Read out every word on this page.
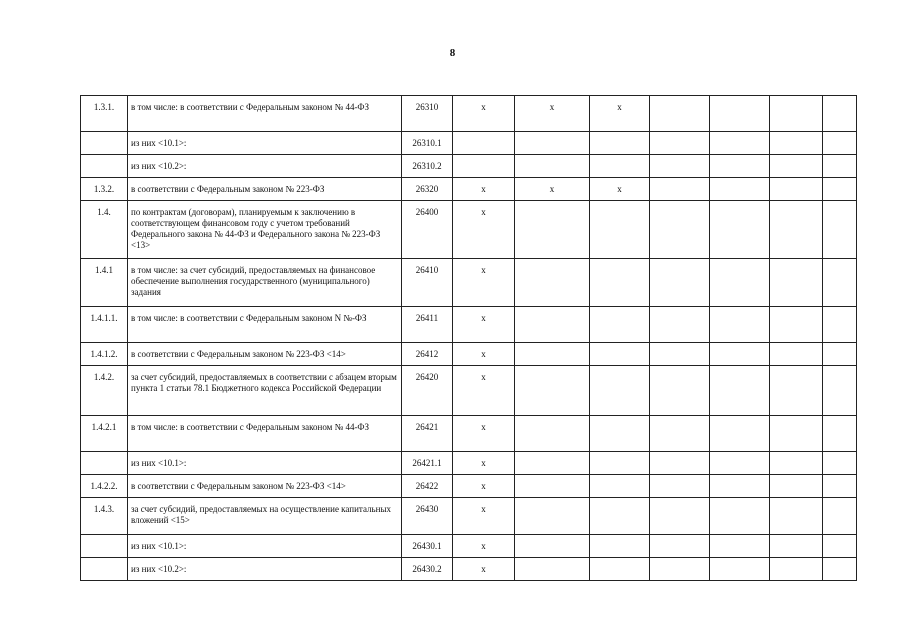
8
1.3.1.	в том числе: в соответствии с Федеральным законом № 44-ФЗ	26310	х	х	х				
	из них <10.1>:	26310.1							
	из них <10.2>:	26310.2							
1.3.2.	в соответствии с Федеральным законом № 223-ФЗ	26320	х	х	х				
1.4.	по контрактам (договорам), планируемым к заключению в соответствующем финансовом году с учетом требований Федерального закона № 44-ФЗ и Федерального закона № 223-ФЗ <13>	26400	х						
1.4.1	в том числе: за счет субсидий, предоставляемых на финансовое обеспечение выполнения государственного (муниципального) задания	26410	х						
1.4.1.1.	в том числе: в соответствии с Федеральным законом N №-ФЗ	26411	х						
1.4.1.2.	в соответствии с Федеральным законом № 223-ФЗ <14>	26412	х						
1.4.2.	за счет субсидий, предоставляемых в соответствии с абзацем вторым пункта 1 статьи 78.1 Бюджетного кодекса Российской Федерации	26420	х						
1.4.2.1	в том числе: в соответствии с Федеральным законом № 44-ФЗ	26421	х						
	из них <10.1>:	26421.1	х						
1.4.2.2.	в соответствии с Федеральным законом № 223-ФЗ <14>	26422	х						
1.4.3.	за счет субсидий, предоставляемых на осуществление капитальных вложений <15>	26430	х						
	из них <10.1>:	26430.1	х						
	из них <10.2>:	26430.2	х						
